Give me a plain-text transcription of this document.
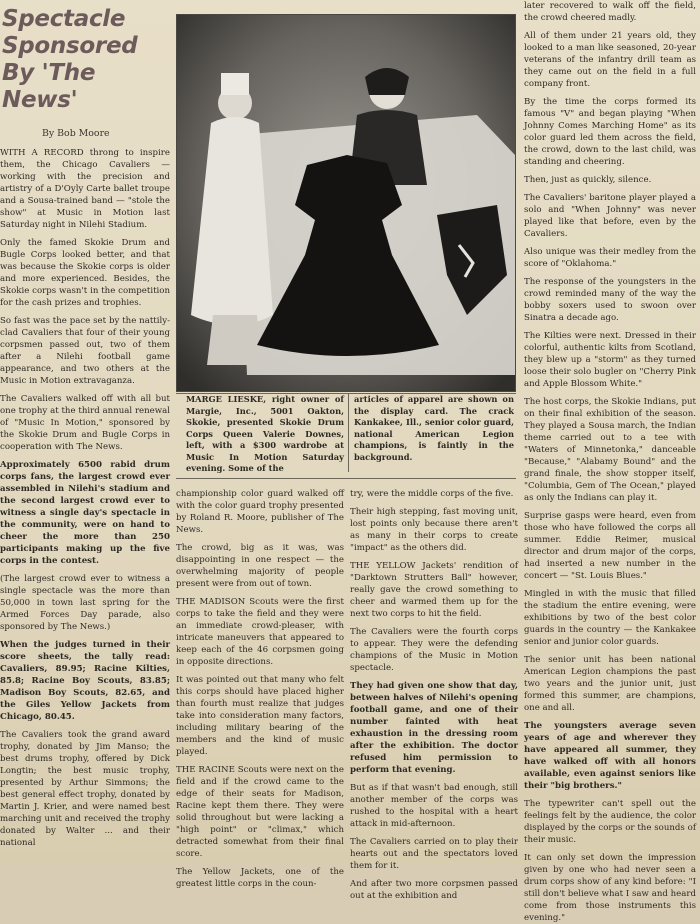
Spectacle Sponsored By 'The News'
By Bob Moore

WITH A RECORD throng to inspire them, the Chicago Cavaliers — working with the precision and artistry of a D'Oyly Carte ballet troupe and a Sousa-trained band — "stole the show" at Music in Motion last Saturday night in Nilehi Stadium.

Only the famed Skokie Drum and Bugle Corps looked better, and that was because the Skokie corps is older and more experienced. Besides, the Skokie corps wasn't in the competition for the cash prizes and trophies.

So fast was the pace set by the nattily-clad Cavaliers that four of their young corpsmen passed out, two of them after a Nilehi football game appearance, and two others at the Music in Motion extravaganza.

The Cavaliers walked off with all but one trophy at the third annual renewal of "Music In Motion," sponsored by the Skokie Drum and Bugle Corps in cooperation with The News.

Approximately 6500 rabid drum corps fans, the largest crowd ever assembled in Nilehi's stadium and the second largest crowd ever to witness a single day's spectacle in the community, were on hand to cheer the more than 250 participants making up the five corps in the contest.

(The largest crowd ever to witness a single spectacle was the more than 50,000 in town last spring for the Armed Forces Day parade, also sponsored by The News.)

When the judges turned in their score sheets, the tally read: Cavaliers, 89.95; Racine Kilties, 85.8; Racine Boy Scouts, 83.85; Madison Boy Scouts, 82.65, and the Giles Yellow Jackets from Chicago, 80.45.

The Cavaliers took the grand award trophy, donated by Jim Manso; the best drums trophy, offered by Dick Longtin; the best music trophy, presented by Arthur Simmons; the best general effect trophy, donated by Martin J. Krier, and were named best marching unit and received the trophy donated by Walter ... and their national

MARGE LIESKE, right owner of Margie, Inc., 5001 Oakton, Skokie, presented Skokie Drum Corps Queen Valerie Downes, left, with a $300 wardrobe at Music In Motion Saturday evening. Some of the
articles of apparel are shown on the display card. The crack Kankakee, Ill., senior color guard, national American Legion champions, is faintly in the background.

championship color guard walked off with the color guard trophy presented by Roland R. Moore, publisher of The News.

The crowd, big as it was, was disappointing in one respect — the overwhelming majority of people present were from out of town.

THE MADISON Scouts were the first corps to take the field and they were an immediate crowd-pleaser, with intricate maneuvers that appeared to keep each of the 46 corpsmen going in opposite directions.

It was pointed out that many who felt this corps should have placed higher than fourth must realize that judges take into consideration many factors, including military bearing of the members and the kind of music played.

THE RACINE Scouts were next on the field and if the crowd came to the edge of their seats for Madison, Racine kept them there. They were solid throughout but were lacking a "high point" or "climax," which detracted somewhat from their final score.

The Yellow Jackets, one of the greatest little corps in the coun-

try, were the middle corps of the five.

Their high stepping, fast moving unit, lost points only because there aren't as many in their corps to create "impact" as the others did.

THE YELLOW Jackets' rendition of "Darktown Strutters Ball" however, really gave the crowd something to cheer and warmed them up for the next two corps to hit the field.

The Cavaliers were the fourth corps to appear. They were the defending champions of the Music in Motion spectacle.

They had given one show that day, between halves of Nilehi's opening football game, and one of their number fainted with heat exhaustion in the dressing room after the exhibition. The doctor refused him permission to perform that evening.

But as if that wasn't bad enough, still another member of the corps was rushed to the hospital with a heart attack in mid-afternoon.

The Cavaliers carried on to play their hearts out and the spectators loved them for it.

And after two more corpsmen passed out at the exhibition and

later recovered to walk off the field, the crowd cheered madly.

All of them under 21 years old, they looked to a man like seasoned, 20-year veterans of the infantry drill team as they came out on the field in a full company front.

By the time the corps formed its famous "V" and began playing "When Johnny Comes Marching Home" as its color guard led them across the field, the crowd, down to the last child, was standing and cheering.

Then, just as quickly, silence.

The Cavaliers' baritone player played a solo and "When Johnny" was never played like that before, even by the Cavaliers.

Also unique was their medley from the score of "Oklahoma."

The response of the youngsters in the crowd reminded many of the way the bobby soxers used to swoon over Sinatra a decade ago.

The Kilties were next. Dressed in their colorful, authentic kilts from Scotland, they blew up a "storm" as they turned loose their solo bugler on "Cherry Pink and Apple Blossom White."

The host corps, the Skokie Indians, put on their final exhibition of the season. They played a Sousa march, the Indian theme carried out to a tee with "Waters of Minnetonka," danceable "Because," "Alabamy Bound" and the grand finale, the show stopper itself, "Columbia, Gem of The Ocean," played as only the Indians can play it.

Surprise gasps were heard, even from those who have followed the corps all summer. Eddie Reimer, musical director and drum major of the corps, had inserted a new number in the concert — "St. Louis Blues."

Mingled in with the music that filled the stadium the entire evening, were exhibitions by two of the best color guards in the country — the Kankakee senior and junior color guards.

The senior unit has been national American Legion champions the past two years and the junior unit, just formed this summer, are champions, one and all.

The youngsters average seven years of age and wherever they have appeared all summer, they have walked off with all honors available, even against seniors like their "big brothers."

The typewriter can't spell out the feelings felt by the audience, the color displayed by the corps or the sounds of their music.

It can only set down the impression given by one who had never seen a drum corps show of any kind before: "I still don't believe what I saw and heard come from those instruments this evening."
